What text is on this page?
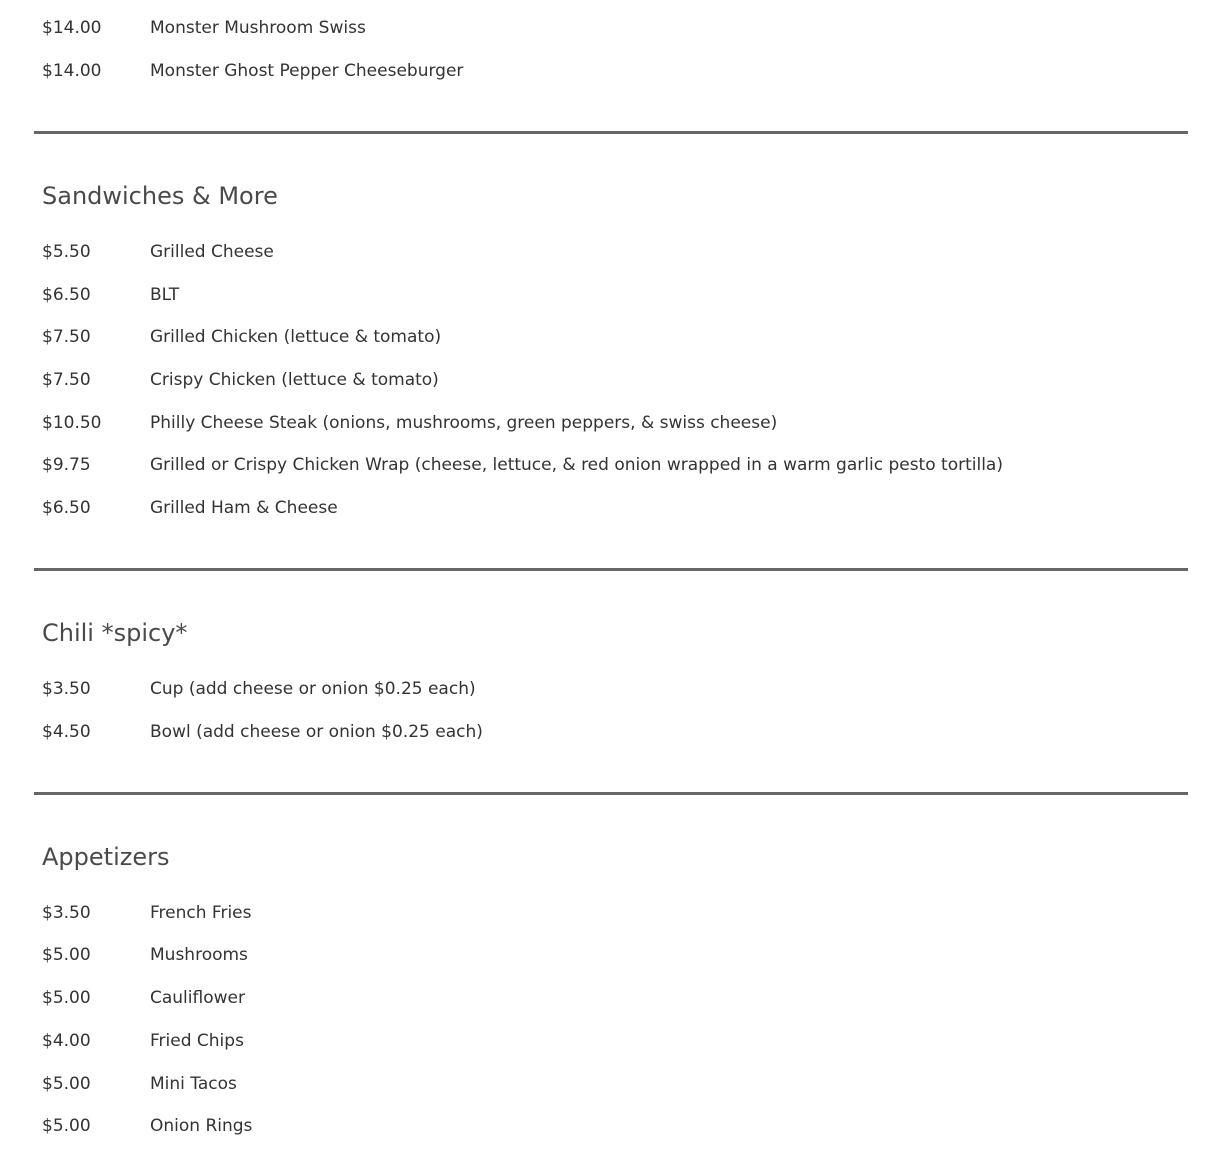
$14.00	Monster Mushroom Swiss
$14.00	Monster Ghost Pepper Cheeseburger
Sandwiches & More
$5.50	Grilled Cheese
$6.50	BLT
$7.50	Grilled Chicken (lettuce & tomato)
$7.50	Crispy Chicken (lettuce & tomato)
$10.50	Philly Cheese Steak (onions, mushrooms, green peppers, & swiss cheese)
$9.75	Grilled or Crispy Chicken Wrap (cheese, lettuce, & red onion wrapped in a warm garlic pesto tortilla)
$6.50	Grilled Ham & Cheese
Chili *spicy*
$3.50	Cup (add cheese or onion $0.25 each)
$4.50	Bowl (add cheese or onion $0.25 each)
Appetizers
$3.50	French Fries
$5.00	Mushrooms
$5.00	Cauliflower
$4.00	Fried Chips
$5.00	Mini Tacos
$5.00	Onion Rings
